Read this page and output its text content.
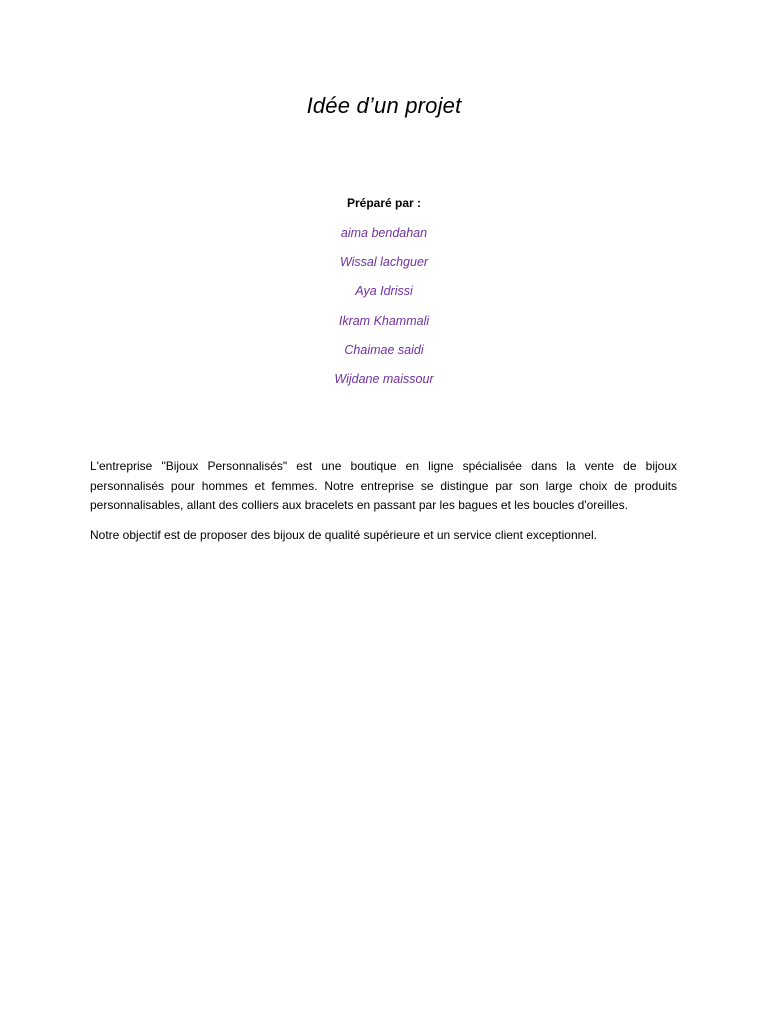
Idée d’un projet
Préparé par :
aima bendahan
Wissal lachguer
Aya Idrissi
Ikram Khammali
Chaimae saidi
Wijdane maissour

L'entreprise "Bijoux Personnalisés" est une boutique en ligne spécialisée dans la vente de bijoux personnalisés pour hommes et femmes. Notre entreprise se distingue par son large choix de produits personnalisables, allant des colliers aux bracelets en passant par les bagues et les boucles d'oreilles.

Notre objectif est de proposer des bijoux de qualité supérieure et un service client exceptionnel.
